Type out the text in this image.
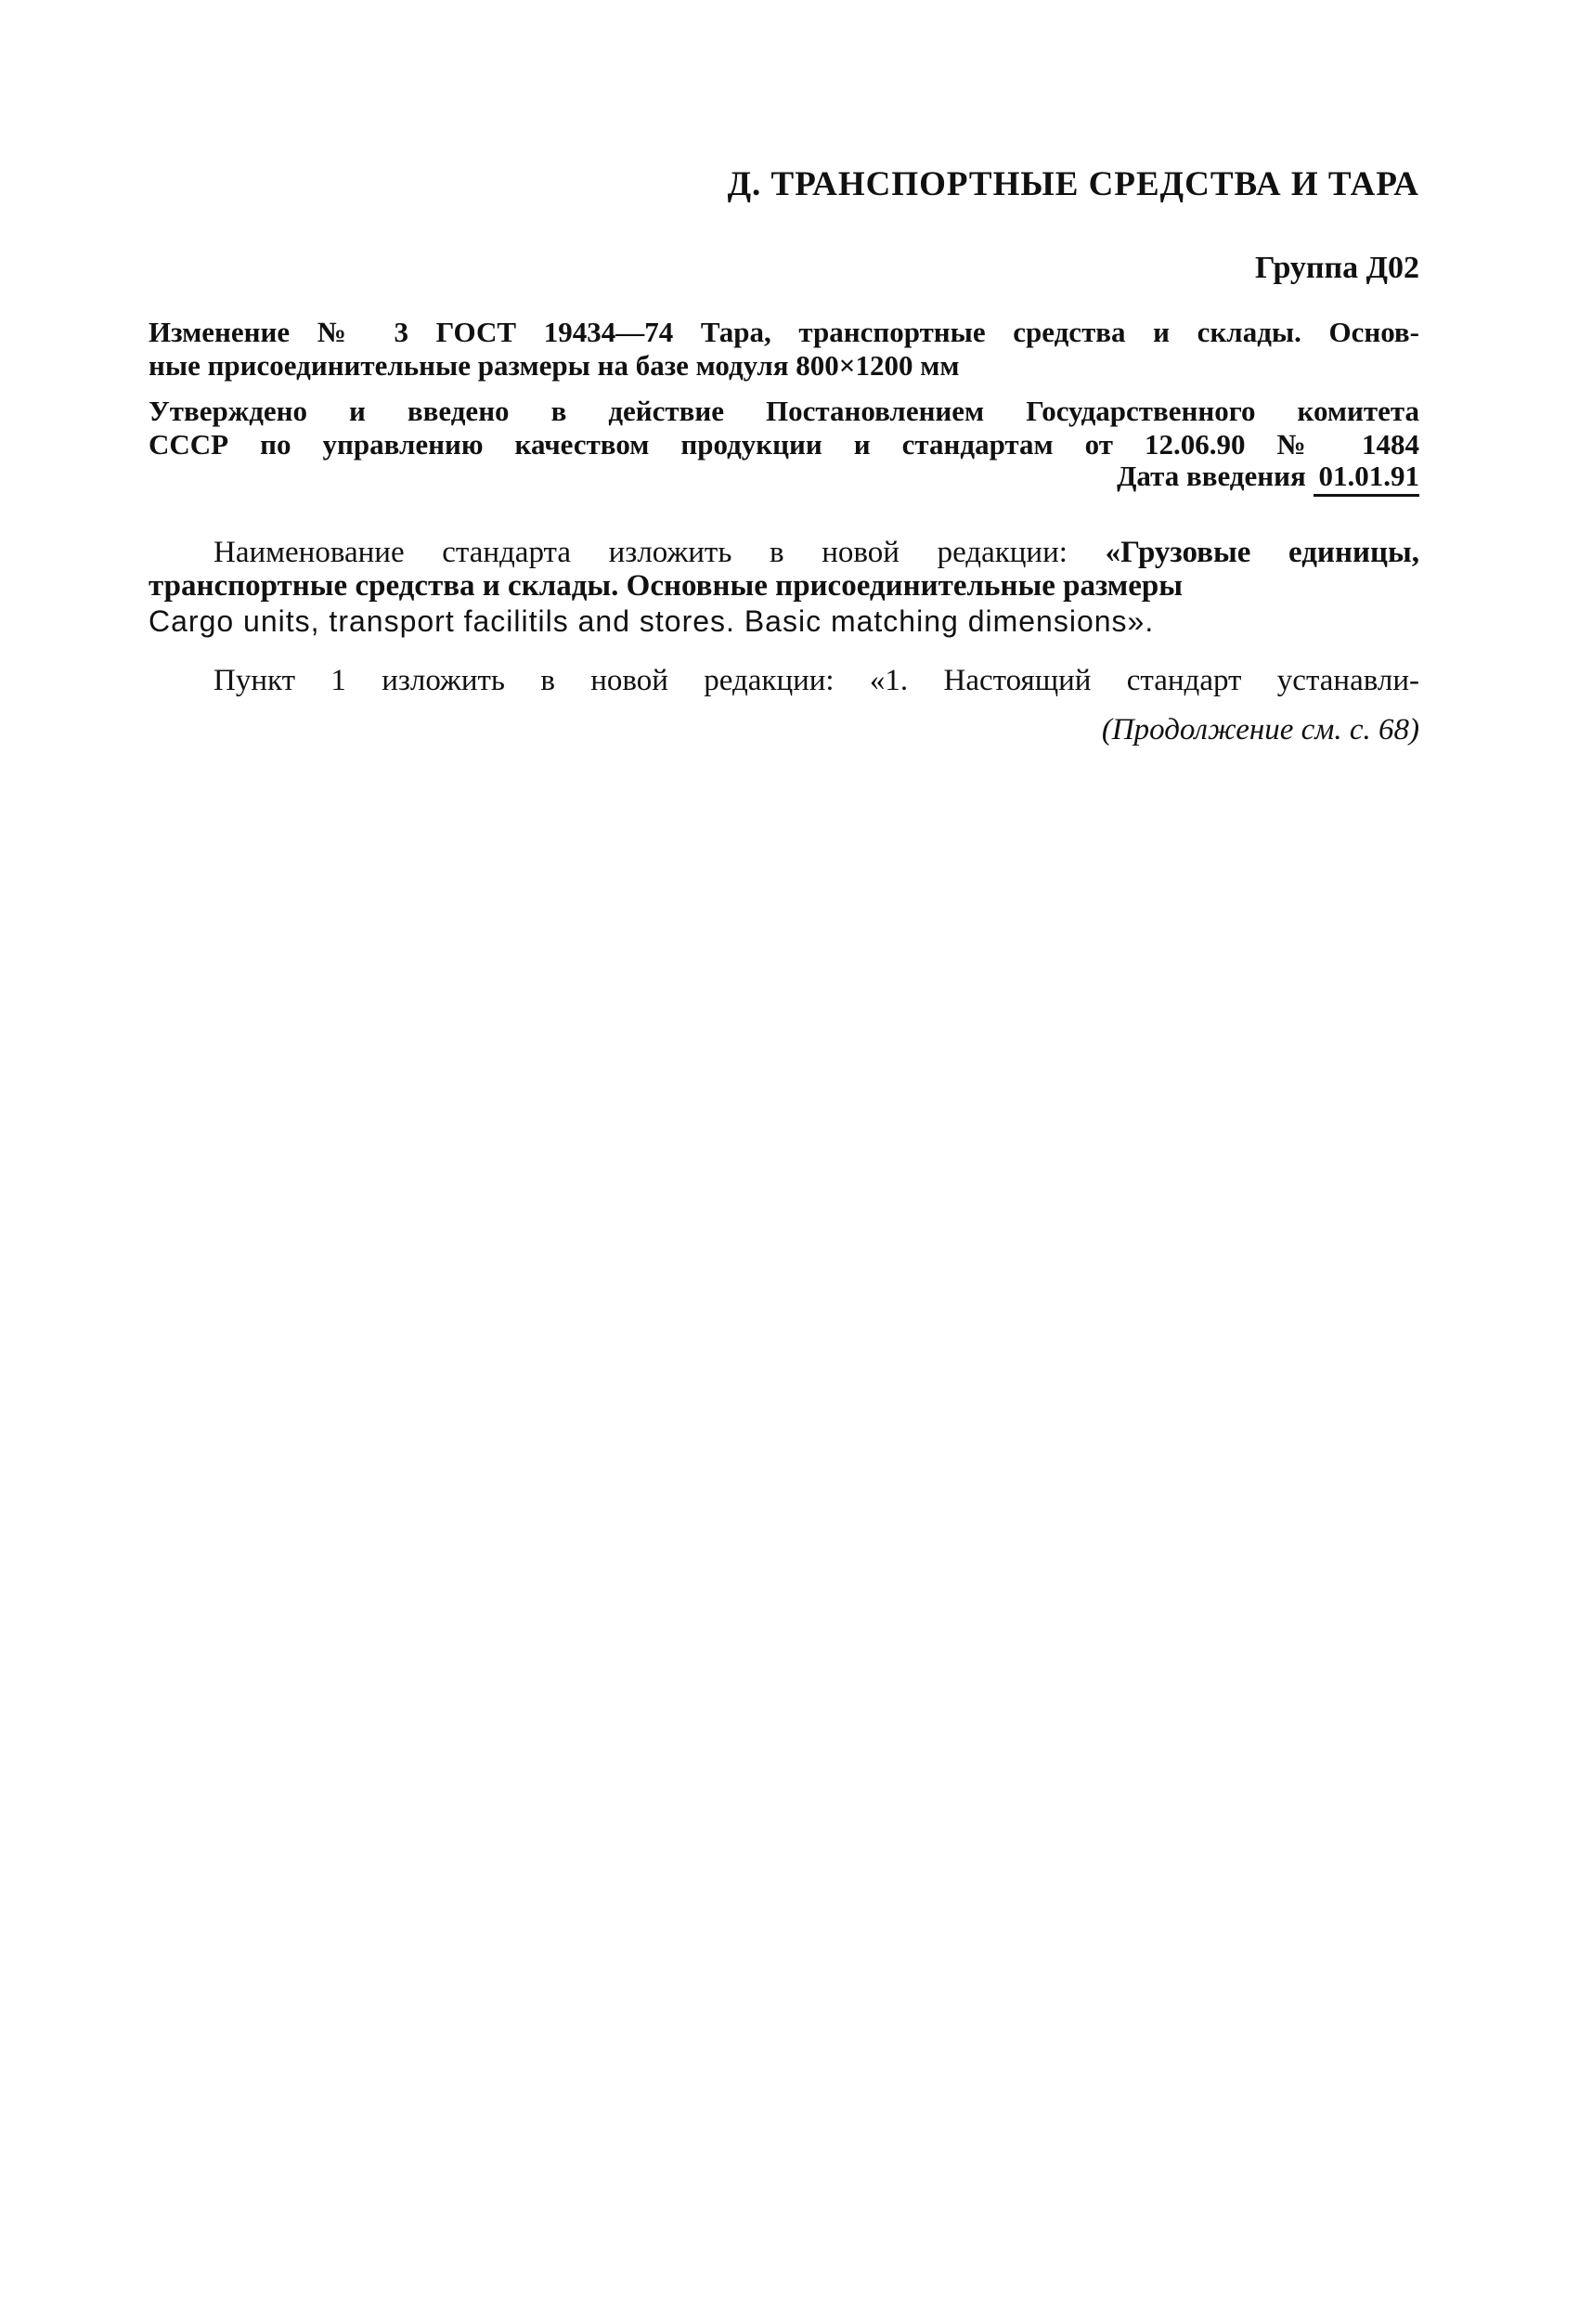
Д. ТРАНСПОРТНЫЕ СРЕДСТВА И ТАРА
Группа Д02
Изменение № 3 ГОСТ 19434—74 Тара, транспортные средства и склады. Основ-
ные присоединительные размеры на базе модуля 800×1200 мм
Утверждено и введено в действие Постановлением Государственного комитета
СССР по управлению качеством продукции и стандартам от 12.06.90 № 1484
Дата введения 01.01.91
Наименование стандарта изложить в новой редакции: «Грузовые единицы,
транспортные средства и склады. Основные присоединительные размеры
Cargo units, transport facilitils and stores. Basic matching dimensions».
Пункт 1 изложить в новой редакции: «1. Настоящий стандарт устанавли-
(Продолжение см. с. 68)
